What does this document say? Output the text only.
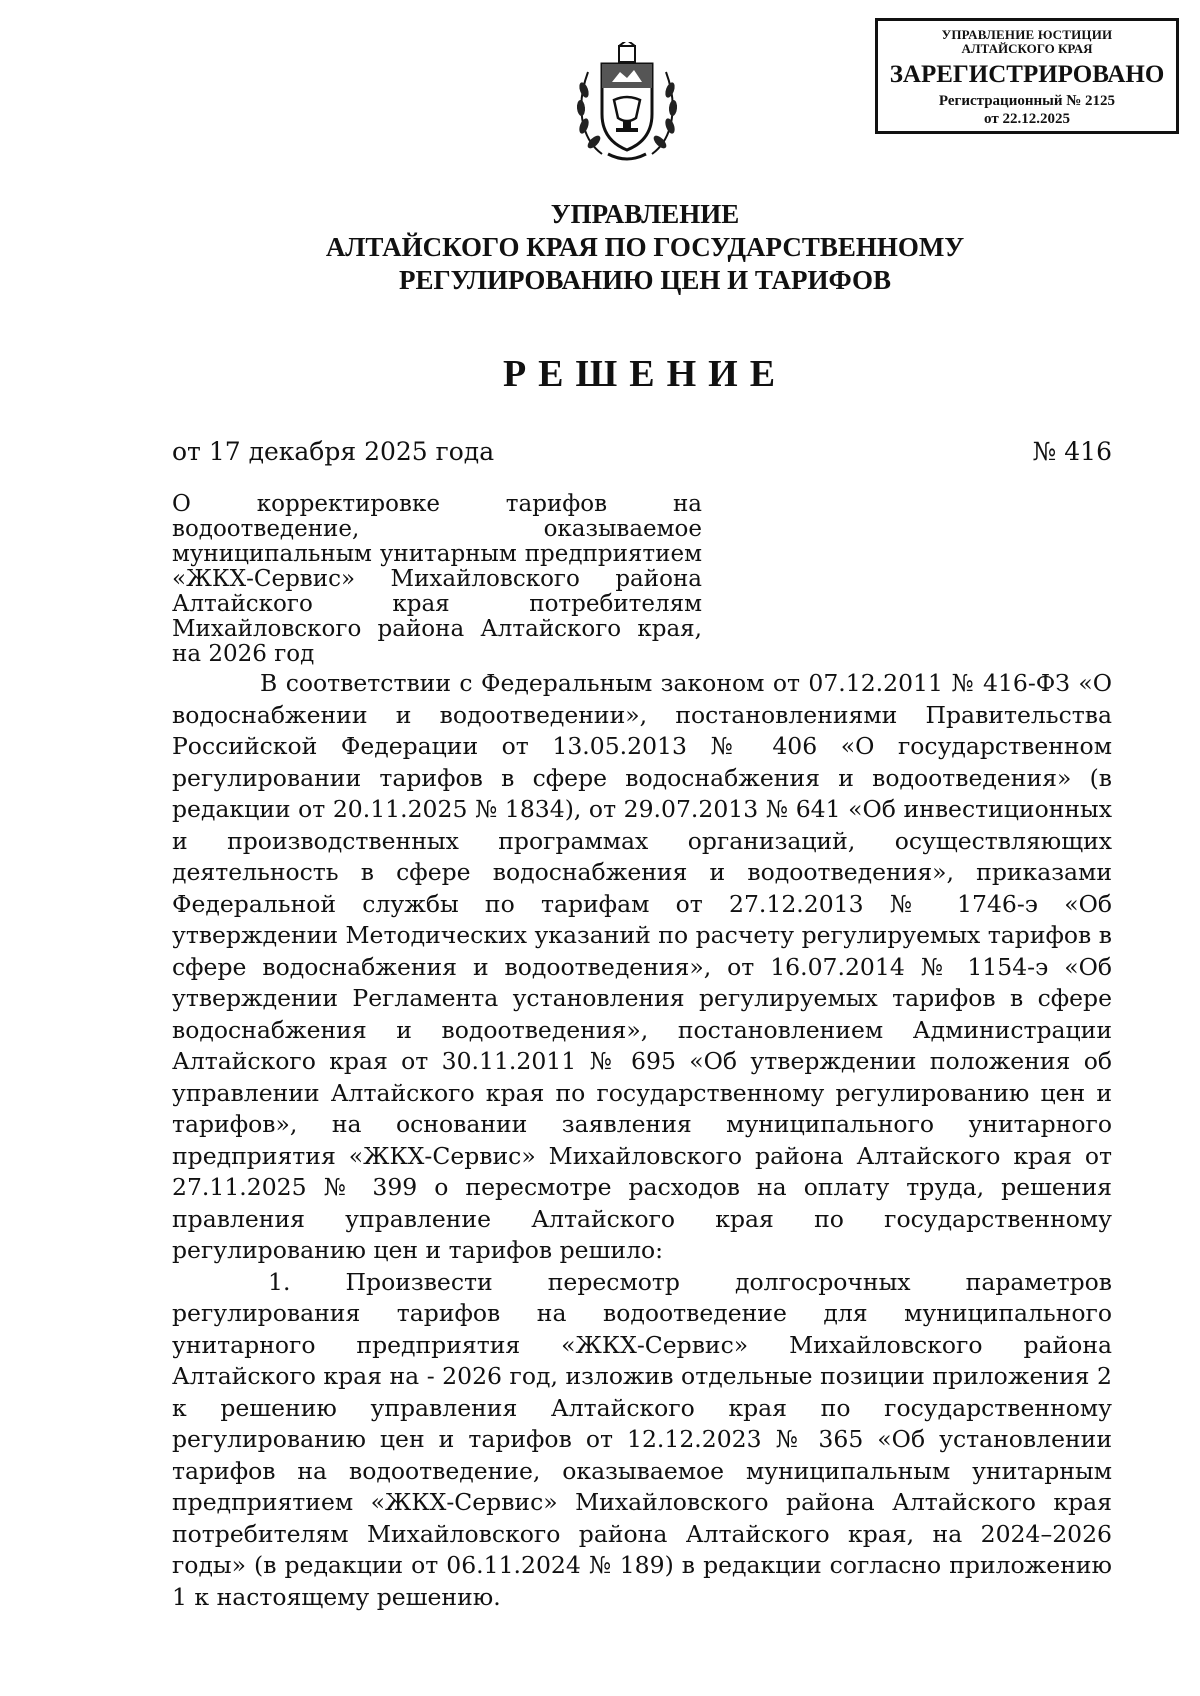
УПРАВЛЕНИЕ ЮСТИЦИИ
АЛТАЙСКОГО КРАЯ
ЗАРЕГИСТРИРОВАНО
Регистрационный № 2125
от 22.12.2025
УПРАВЛЕНИЕ
АЛТАЙСКОГО КРАЯ ПО ГОСУДАРСТВЕННОМУ
РЕГУЛИРОВАНИЮ ЦЕН И ТАРИФОВ
РЕШЕНИЕ
от 17 декабря 2025 года	№ 416
О корректировке тарифов на водоотведение, оказываемое муниципальным унитарным предприятием «ЖКХ-Сервис» Михайловского района Алтайского края потребителям Михайловского района Алтайского края, на 2026 год

В соответствии с Федеральным законом от 07.12.2011 № 416-ФЗ «О водоснабжении и водоотведении», постановлениями Правительства Российской Федерации от 13.05.2013 № 406 «О государственном регулировании тарифов в сфере водоснабжения и водоотведения» (в редакции от 20.11.2025 № 1834), от 29.07.2013 № 641 «Об инвестиционных и производственных программах организаций, осуществляющих деятельность в сфере водоснабжения и водоотведения», приказами Федеральной службы по тарифам от 27.12.2013 № 1746-э «Об утверждении Методических указаний по расчету регулируемых тарифов в сфере водоснабжения и водоотведения», от 16.07.2014 № 1154-э «Об утверждении Регламента установления регулируемых тарифов в сфере водоснабжения и водоотведения», постановлением Администрации Алтайского края от 30.11.2011 № 695 «Об утверждении положения об управлении Алтайского края по государственному регулированию цен и тарифов», на основании заявления муниципального унитарного предприятия «ЖКХ-Сервис» Михайловского района Алтайского края от 27.11.2025 № 399 о пересмотре расходов на оплату труда, решения правления управление Алтайского края по государственному регулированию цен и тарифов решило:

1. Произвести пересмотр долгосрочных параметров регулирования тарифов на водоотведение для муниципального унитарного предприятия «ЖКХ-Сервис» Михайловского района Алтайского края на - 2026 год, изложив отдельные позиции приложения 2 к решению управления Алтайского края по государственному регулированию цен и тарифов от 12.12.2023 № 365 «Об установлении тарифов на водоотведение, оказываемое муниципальным унитарным предприятием «ЖКХ-Сервис» Михайловского района Алтайского края потребителям Михайловского района Алтайского края, на 2024–2026 годы» (в редакции от 06.11.2024 № 189) в редакции согласно приложению 1 к настоящему решению.
